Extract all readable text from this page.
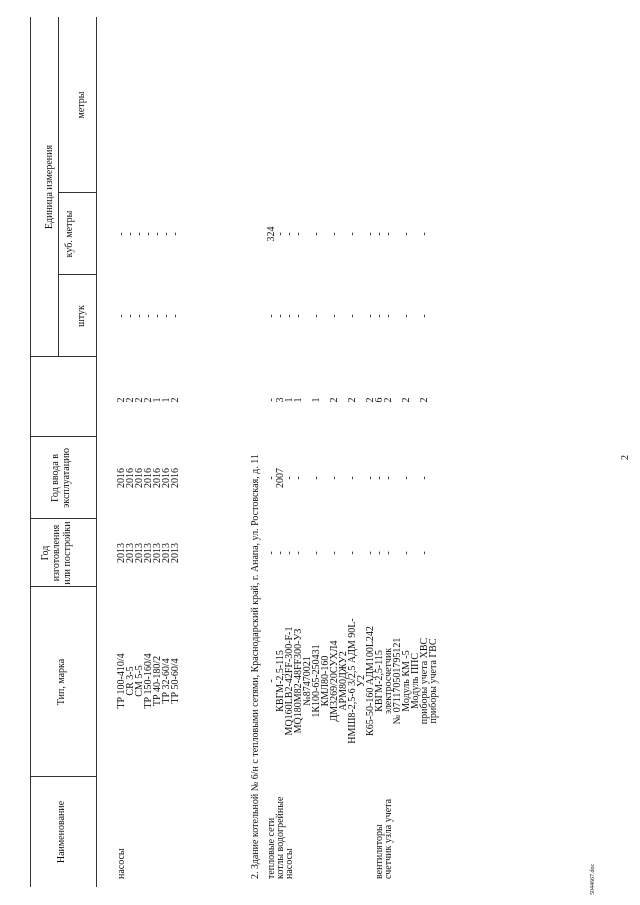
2
Наименование
Тип, марка
Год изготовления или постройки
Год ввода в эксплуатацию
Единица измерения
штук
куб. метры
метры
насосы
ТР 100-410/4
2013
2016
2
-
-
CR 3-5
2013
2016
2
-
-
CM 5-5
2013
2016
2
-
-
ТР 150-160/4
2013
2016
2
-
-
ТР 40-180/2
2013
2016
1
-
-
ТР 32-60/4
2013
2016
1
-
-
ТР 50-60/4
2013
2016
2
-
-
тепловые сети
-
-
-
-
-
324
котлы водогрейные
КВГМ-2,5-115
-
2007
3
-
-
насосы
MQ160LB2-42FF-300-F-1
-
-
1
-
-
MQ180M82-48FF300-УЗ
-
-
1
-
-
№87470021
1К100-65-250431
-
-
1
-
-
КМЛ80-160
ДМ3269/20СУХЛ4
-
-
2
-
-
АРМ80ДЖУ2
НМШ8-2,5-6 3/2,5 АДМ 90L-
-
-
2
-
-
У2
К65-50-160 АДМ100L242
-
-
2
-
-
вентиляторы
КВГМ-2,5-115
-
-
6
-
-
счетчик узла учета
электросчетчик
-
-
2
-
-
№ 071170501795121
Модуль КМ -5
-
-
2
-
-
Модуль ППС
приборы учета ХВС
-
-
2
-
-
приборы учета ГВС
2. Здание котельной № 6/н с тепловыми сетями, Краснодарский край, г. Анапа, ул. Ростовская, д. 11
5044667.doc
